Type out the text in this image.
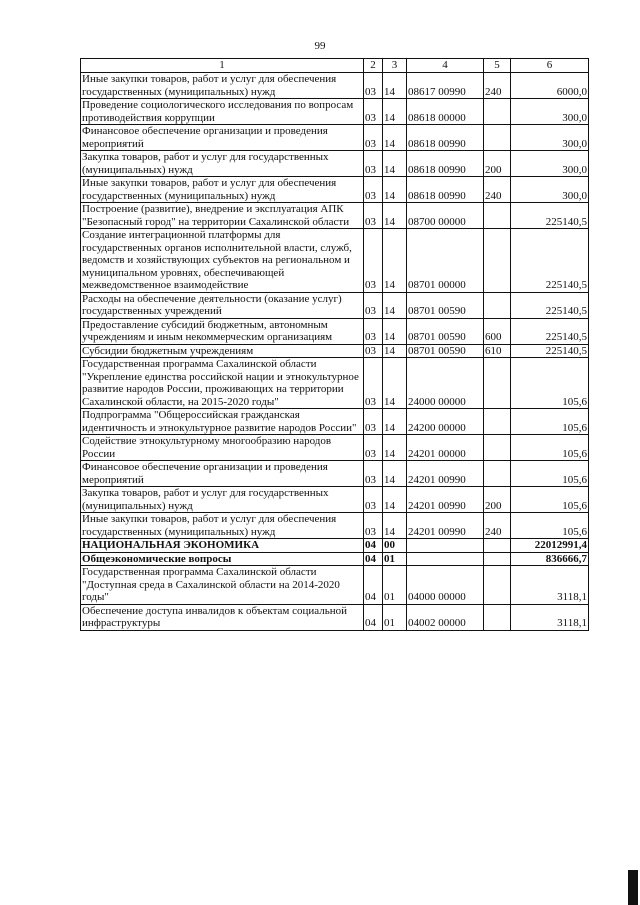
99
1	2	3	4	5	6
Иные закупки товаров, работ и услуг для обеспечения государственных (муниципальных) нужд	03	14	08617 00990	240	6000,0
Проведение социологического исследования по вопросам противодействия коррупции	03	14	08618 00000		300,0
Финансовое обеспечение организации и проведения мероприятий	03	14	08618 00990		300,0
Закупка товаров, работ и услуг для государственных (муниципальных) нужд	03	14	08618 00990	200	300,0
Иные закупки товаров, работ и услуг для обеспечения государственных (муниципальных) нужд	03	14	08618 00990	240	300,0
Построение (развитие), внедрение и эксплуатация АПК "Безопасный город" на территории Сахалинской области	03	14	08700 00000		225140,5
Создание интеграционной платформы для государственных органов исполнительной власти, служб, ведомств и хозяйствующих субъектов на региональном и муниципальном уровнях, обеспечивающей межведомственное взаимодействие	03	14	08701 00000		225140,5
Расходы на обеспечение деятельности (оказание услуг) государственных учреждений	03	14	08701 00590		225140,5
Предоставление субсидий бюджетным, автономным учреждениям и иным некоммерческим организациям	03	14	08701 00590	600	225140,5
Субсидии бюджетным учреждениям	03	14	08701 00590	610	225140,5
Государственная программа Сахалинской области "Укрепление единства российской нации и этнокультурное развитие народов России, проживающих на территории Сахалинской области, на 2015-2020 годы"	03	14	24000 00000		105,6
Подпрограмма "Общероссийская гражданская идентичность и этнокультурное развитие народов России"	03	14	24200 00000		105,6
Содействие этнокультурному многообразию народов России	03	14	24201 00000		105,6
Финансовое обеспечение организации и проведения мероприятий	03	14	24201 00990		105,6
Закупка товаров, работ и услуг для государственных (муниципальных) нужд	03	14	24201 00990	200	105,6
Иные закупки товаров, работ и услуг для обеспечения государственных (муниципальных) нужд	03	14	24201 00990	240	105,6
НАЦИОНАЛЬНАЯ ЭКОНОМИКА	04	00			22012991,4
Общеэкономические вопросы	04	01			836666,7
Государственная программа Сахалинской области "Доступная среда в Сахалинской области на 2014-2020 годы"	04	01	04000 00000		3118,1
Обеспечение доступа инвалидов к объектам социальной инфраструктуры	04	01	04002 00000		3118,1
